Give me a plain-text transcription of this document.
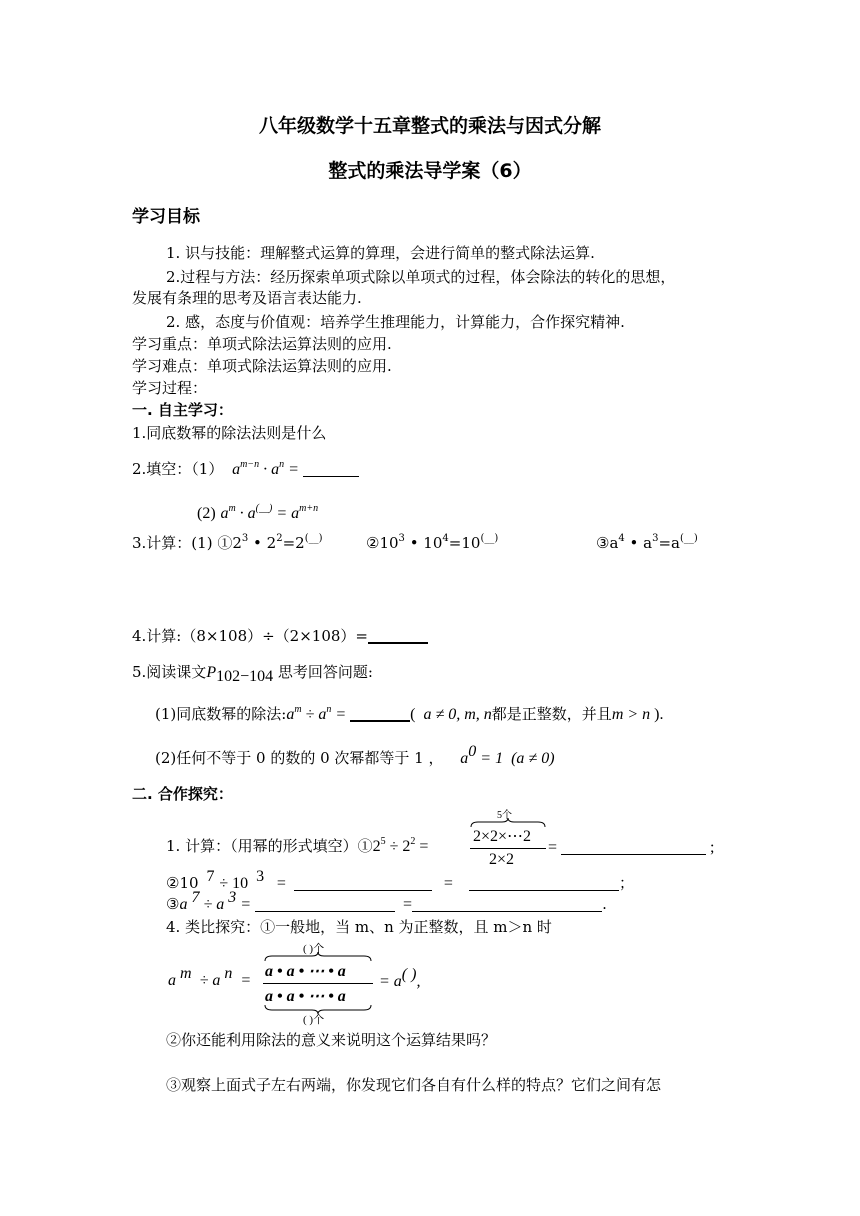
八年级数学十五章整式的乘法与因式分解
整式的乘法导学案（6）
学习目标
1. 识与技能：理解整式运算的算理，会进行简单的整式除法运算.
2.过程与方法：经历探索单项式除以单项式的过程，体会除法的转化的思想，
发展有条理的思考及语言表达能力.
2. 感，态度与价值观：培养学生推理能力，计算能力，合作探究精神.
学习重点：单项式除法运算法则的应用.
学习难点：单项式除法运算法则的应用.
学习过程：
一. 自主学习：
1.同底数幂的除法法则是什么
2.填空：（1）  $a^{m-n} \cdot a^n$ =
(2) $a^m \cdot a^{(\_\_)} = a^{m+n}$
3.计算：(1) $①2^3$ • $2^2=2^{(\_\_)}$	$②10^3$ • $10^4=10^{(\_\_)}$	$③a^4$ • $a^3=a^{(\_\_)}$
4.计算:（8×108）÷（2×108）=
5.阅读课文$P_{102-104}$ 思考回答问题:
(1)同底数幂的除法$:a^m \div a^n$ =	(  a ≠ 0, m, n都是正整数，并且m > n ).
(2)任何不等于 0 的数的 0 次幂都等于 1 ，    $a^0 = 1$  (a ≠ 0)
二. 合作探究：
1. 计算：（用幂的形式填空）$①2^5 \div 2^2$ =
5个
2×2×⋯2
2×2
=	;
②10  $^7$ ÷ 10  $^3$   =	=	；
③a $^7$ ÷ a $^3$ =	=	.
4. 类比探究：①一般地，当 m、n 为正整数，且 m＞n 时
a $^m$ ÷ a $^n$ =
( )个
a • a • ⋯ • a
a • a • ⋯ • a
( )个
= a( ),
②你还能利用除法的意义来说明这个运算结果吗？
③观察上面式子左右两端，你发现它们各自有什么样的特点？它们之间有怎
